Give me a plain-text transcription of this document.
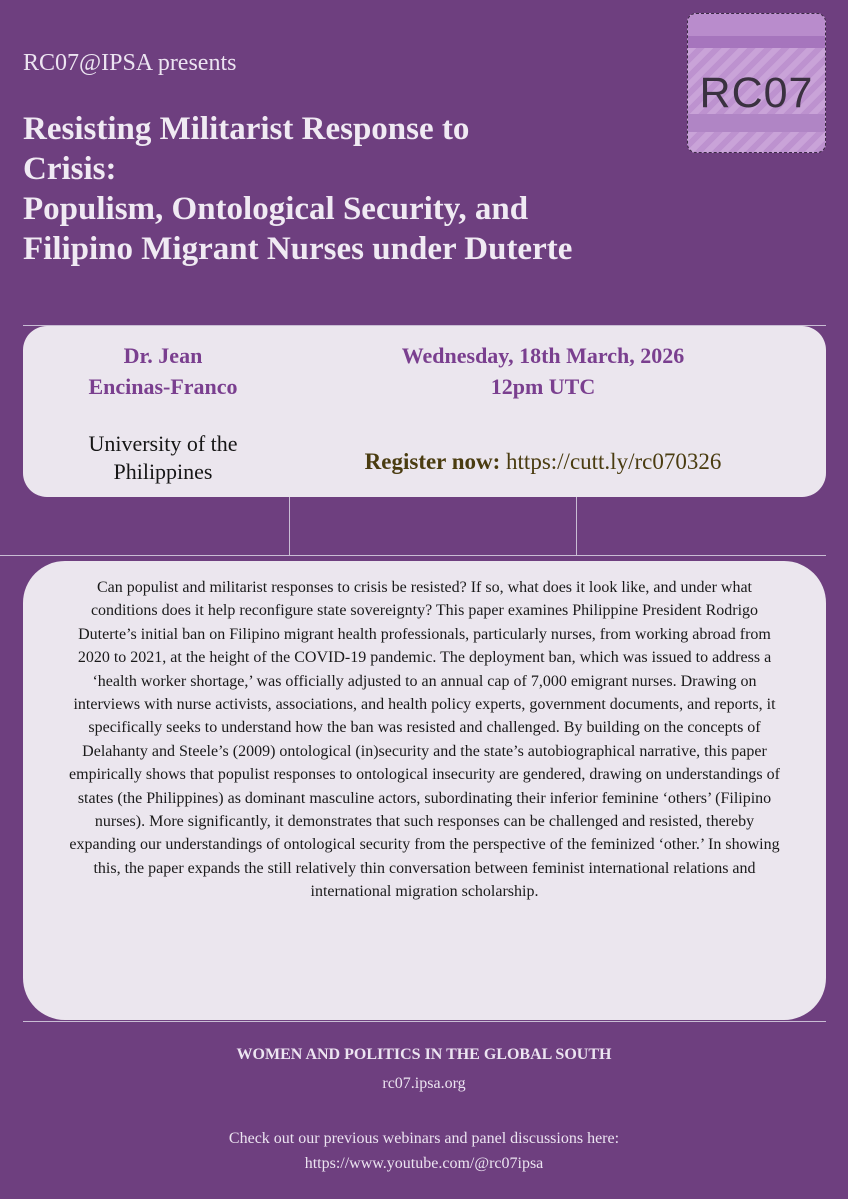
RC07@IPSA presents
Resisting Militarist Response to
Crisis:
Populism, Ontological Security, and
Filipino Migrant Nurses under Duterte
RC07
Dr. Jean
Encinas-Franco
University of the
Philippines
Wednesday, 18th March, 2026
12pm UTC
Register now: https://cutt.ly/rc070326

Can populist and militarist responses to crisis be resisted? If so, what does it look like, and under what conditions does it help reconfigure state sovereignty? This paper examines Philippine President Rodrigo Duterte’s initial ban on Filipino migrant health professionals, particularly nurses, from working abroad from 2020 to 2021, at the height of the COVID-19 pandemic. The deployment ban, which was issued to address a ‘health worker shortage,’ was officially adjusted to an annual cap of 7,000 emigrant nurses. Drawing on interviews with nurse activists, associations, and health policy experts, government documents, and reports, it specifically seeks to understand how the ban was resisted and challenged. By building on the concepts of Delahanty and Steele’s (2009) ontological (in)security and the state’s autobiographical narrative, this paper empirically shows that populist responses to ontological insecurity are gendered, drawing on understandings of states (the Philippines) as dominant masculine actors, subordinating their inferior feminine ‘others’ (Filipino nurses). More significantly, it demonstrates that such responses can be challenged and resisted, thereby expanding our understandings of ontological security from the perspective of the feminized ‘other.’ In showing this, the paper expands the still relatively thin conversation between feminist international relations and international migration scholarship.

WOMEN AND POLITICS IN THE GLOBAL SOUTH
rc07.ipsa.org
Check out our previous webinars and panel discussions here:
https://www.youtube.com/@rc07ipsa
